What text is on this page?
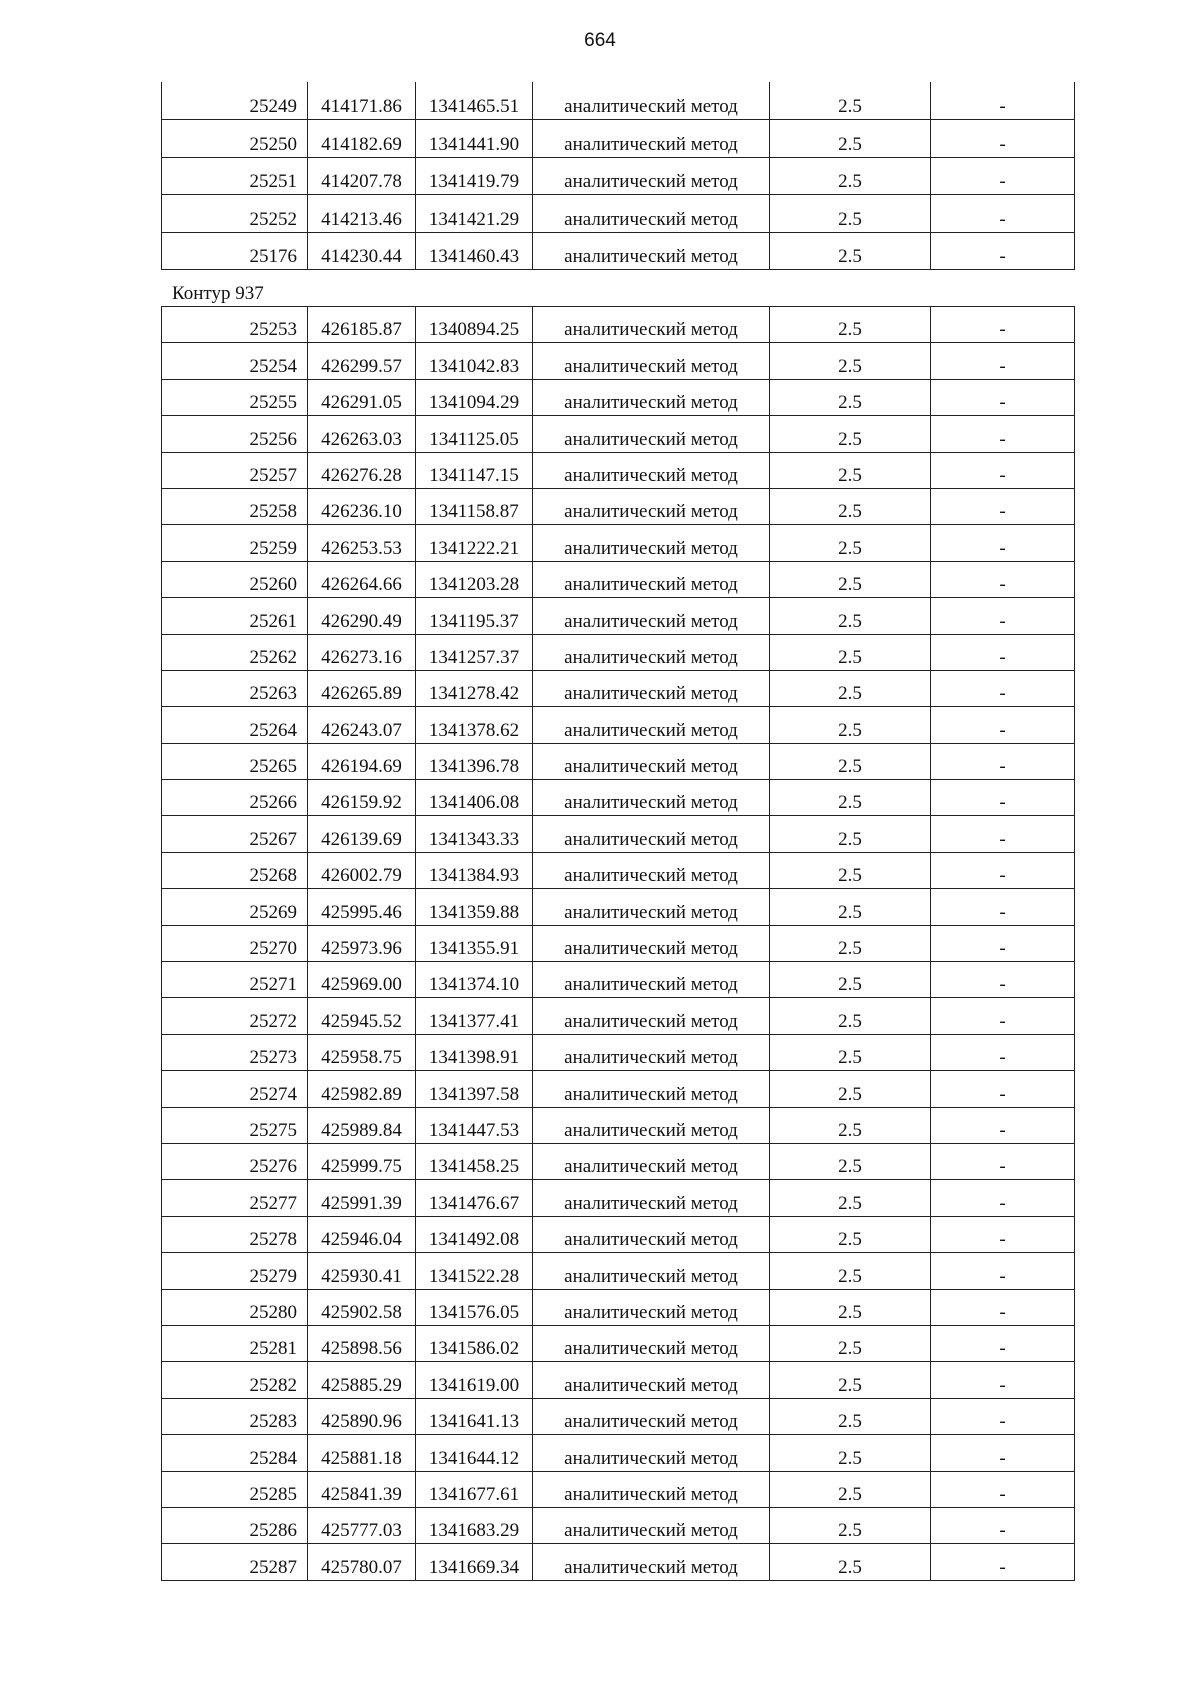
664
25249	414171.86	1341465.51	аналитический метод	2.5	-
25250	414182.69	1341441.90	аналитический метод	2.5	-
25251	414207.78	1341419.79	аналитический метод	2.5	-
25252	414213.46	1341421.29	аналитический метод	2.5	-
25176	414230.44	1341460.43	аналитический метод	2.5	-
Контур 937
25253	426185.87	1340894.25	аналитический метод	2.5	-
25254	426299.57	1341042.83	аналитический метод	2.5	-
25255	426291.05	1341094.29	аналитический метод	2.5	-
25256	426263.03	1341125.05	аналитический метод	2.5	-
25257	426276.28	1341147.15	аналитический метод	2.5	-
25258	426236.10	1341158.87	аналитический метод	2.5	-
25259	426253.53	1341222.21	аналитический метод	2.5	-
25260	426264.66	1341203.28	аналитический метод	2.5	-
25261	426290.49	1341195.37	аналитический метод	2.5	-
25262	426273.16	1341257.37	аналитический метод	2.5	-
25263	426265.89	1341278.42	аналитический метод	2.5	-
25264	426243.07	1341378.62	аналитический метод	2.5	-
25265	426194.69	1341396.78	аналитический метод	2.5	-
25266	426159.92	1341406.08	аналитический метод	2.5	-
25267	426139.69	1341343.33	аналитический метод	2.5	-
25268	426002.79	1341384.93	аналитический метод	2.5	-
25269	425995.46	1341359.88	аналитический метод	2.5	-
25270	425973.96	1341355.91	аналитический метод	2.5	-
25271	425969.00	1341374.10	аналитический метод	2.5	-
25272	425945.52	1341377.41	аналитический метод	2.5	-
25273	425958.75	1341398.91	аналитический метод	2.5	-
25274	425982.89	1341397.58	аналитический метод	2.5	-
25275	425989.84	1341447.53	аналитический метод	2.5	-
25276	425999.75	1341458.25	аналитический метод	2.5	-
25277	425991.39	1341476.67	аналитический метод	2.5	-
25278	425946.04	1341492.08	аналитический метод	2.5	-
25279	425930.41	1341522.28	аналитический метод	2.5	-
25280	425902.58	1341576.05	аналитический метод	2.5	-
25281	425898.56	1341586.02	аналитический метод	2.5	-
25282	425885.29	1341619.00	аналитический метод	2.5	-
25283	425890.96	1341641.13	аналитический метод	2.5	-
25284	425881.18	1341644.12	аналитический метод	2.5	-
25285	425841.39	1341677.61	аналитический метод	2.5	-
25286	425777.03	1341683.29	аналитический метод	2.5	-
25287	425780.07	1341669.34	аналитический метод	2.5	-
